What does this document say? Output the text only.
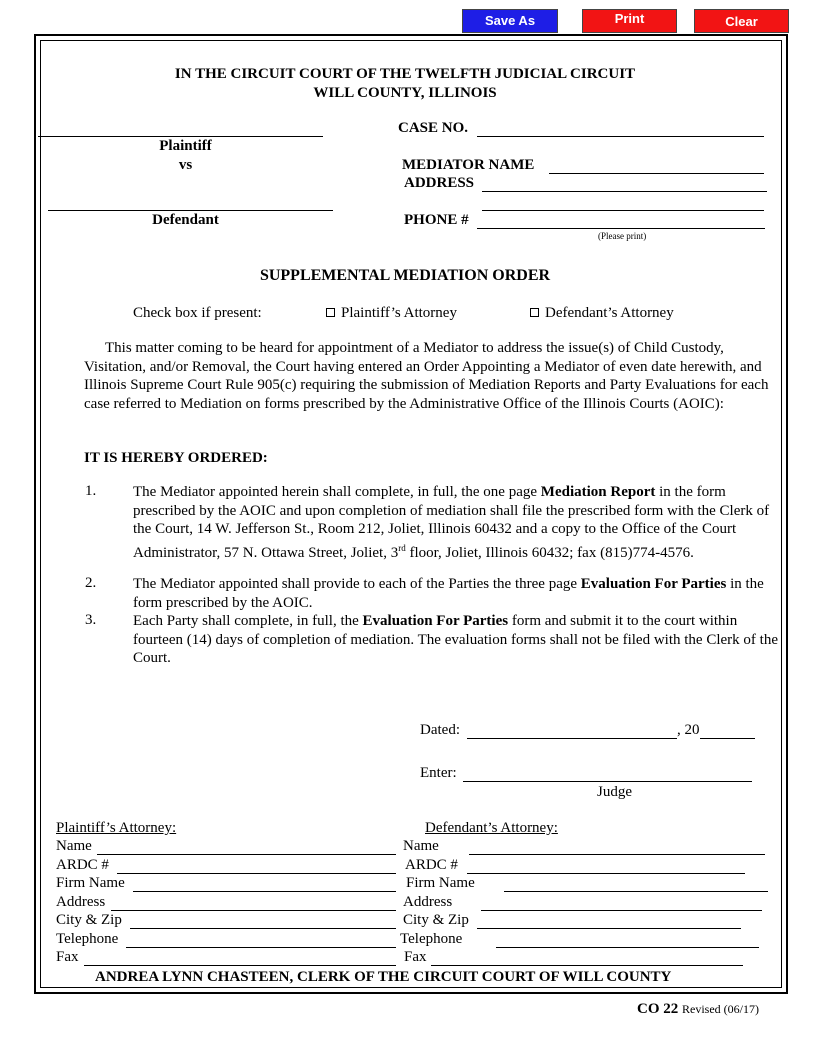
Save As	Print	Clear
IN THE CIRCUIT COURT OF THE TWELFTH JUDICIAL CIRCUIT
WILL COUNTY, ILLINOIS
Plaintiff
vs
Defendant
CASE NO.
MEDIATOR NAME
ADDRESS
PHONE #
(Please print)
SUPPLEMENTAL MEDIATION ORDER
Check box if present:	Plaintiff’s Attorney	Defendant’s Attorney
This matter coming to be heard for appointment of a Mediator to address the issue(s) of Child Custody, Visitation, and/or Removal, the Court having entered an Order Appointing a Mediator of even date herewith, and Illinois Supreme Court Rule 905(c) requiring the submission of Mediation Reports and Party Evaluations for each case referred to Mediation on forms prescribed by the Administrative Office of the Illinois Courts (AOIC):
IT IS HEREBY ORDERED:
1. The Mediator appointed herein shall complete, in full, the one page Mediation Report in the form prescribed by the AOIC and upon completion of mediation shall file the prescribed form with the Clerk of the Court, 14 W. Jefferson St., Room 212, Joliet, Illinois 60432 and a copy to the Office of the Court Administrator, 57 N. Ottawa Street, Joliet, 3rd floor, Joliet, Illinois 60432; fax (815)774-4576.
2. The Mediator appointed shall provide to each of the Parties the three page Evaluation For Parties in the form prescribed by the AOIC.
3. Each Party shall complete, in full, the Evaluation For Parties form and submit it to the court within fourteen (14) days of completion of mediation. The evaluation forms shall not be filed with the Clerk of the Court.
Dated:	, 20
Enter:
Judge
Plaintiff’s Attorney:	Defendant’s Attorney:
Name	Name
ARDC #	ARDC #
Firm Name	Firm Name
Address	Address
City & Zip	City & Zip
Telephone	Telephone
Fax	Fax
ANDREA LYNN CHASTEEN, CLERK OF THE CIRCUIT COURT OF WILL COUNTY
CO 22 Revised (06/17)
